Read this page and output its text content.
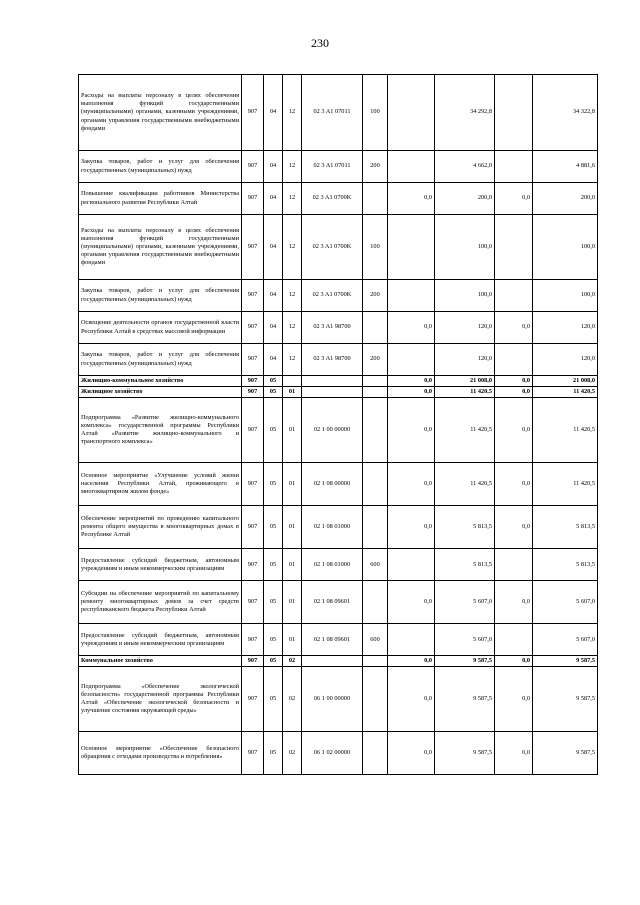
230
Расходы на выплаты персоналу в целях обеспечения выполнения функций государственными (муниципальными) органами, казенными учреждениями, органами управления государственными внебюджетными фондами	907	04	12	02 3 A1 07011	100		34 292,8		34 322,8
Закупка товаров, работ и услуг для обеспечения государственных (муниципальных) нужд	907	04	12	02 3 A1 07011	200		4 662,0		4 881,6
Повышение квалификации работников Министерства регионального развития Республики Алтай	907	04	12	02 3 A1 0700K		0,0	200,0	0,0	200,0
Расходы на выплаты персоналу в целях обеспечения выполнения функций государственными (муниципальными) органами, казенными учреждениями, органами управления государственными внебюджетными фондами	907	04	12	02 3 A1 0700K	100		100,0		100,0
Закупка товаров, работ и услуг для обеспечения государственных (муниципальных) нужд	907	04	12	02 3 A1 0700K	200		100,0		100,0
Освещение деятельности органов государственной власти Республики Алтай в средствах массовой информации	907	04	12	02 3 A1 98700		0,0	120,0	0,0	120,0
Закупка товаров, работ и услуг для обеспечения государственных (муниципальных) нужд	907	04	12	02 3 A1 98700	200		120,0		120,0
Жилищно-коммунальное хозяйство	907	05				0,0	21 008,0	0,0	21 008,0
Жилищное хозяйство	907	05	01			0,0	11 420,5	0,0	11 420,5
Подпрограмма «Развитие жилищно-коммунального комплекса» государственной программы Республики Алтай «Развитие жилищно-коммунального и транспортного комплекса»	907	05	01	02 1 00 00000		0,0	11 420,5	0,0	11 420,5
Основное мероприятие «Улучшение условий жизни населения Республики Алтай, проживающего в многоквартирном жилом фонде»	907	05	01	02 1 08 00000		0,0	11 420,5	0,0	11 420,5
Обеспечение мероприятий по проведению капитального ремонта общего имущества в многоквартирных домах в Республике Алтай	907	05	01	02 1 08 01000		0,0	5 813,5	0,0	5 813,5
Предоставление субсидий бюджетным, автономным учреждениям и иным некоммерческим организациям	907	05	01	02 1 08 01000	600		5 813,5		5 813,5
Субсидии на обеспечение мероприятий по капитальному ремонту многоквартирных домов за счет средств республиканского бюджета Республики Алтай	907	05	01	02 1 08 09601		0,0	5 607,0	0,0	5 607,0
Предоставление субсидий бюджетным, автономным учреждениям и иным некоммерческим организациям	907	05	01	02 1 08 09601	600		5 607,0		5 607,0
Коммунальное хозяйство	907	05	02			0,0	9 587,5	0,0	9 587,5
Подпрограмма «Обеспечение экологической безопасности» государственной программы Республики Алтай «Обеспечение экологической безопасности и улучшение состояния окружающей среды»	907	05	02	06 1 00 00000		0,0	9 587,5	0,0	9 587,5
Основное мероприятие «Обеспечение безопасного обращения с отходами производства и потребления»	907	05	02	06 1 02 00000		0,0	9 587,5	0,0	9 587,5
